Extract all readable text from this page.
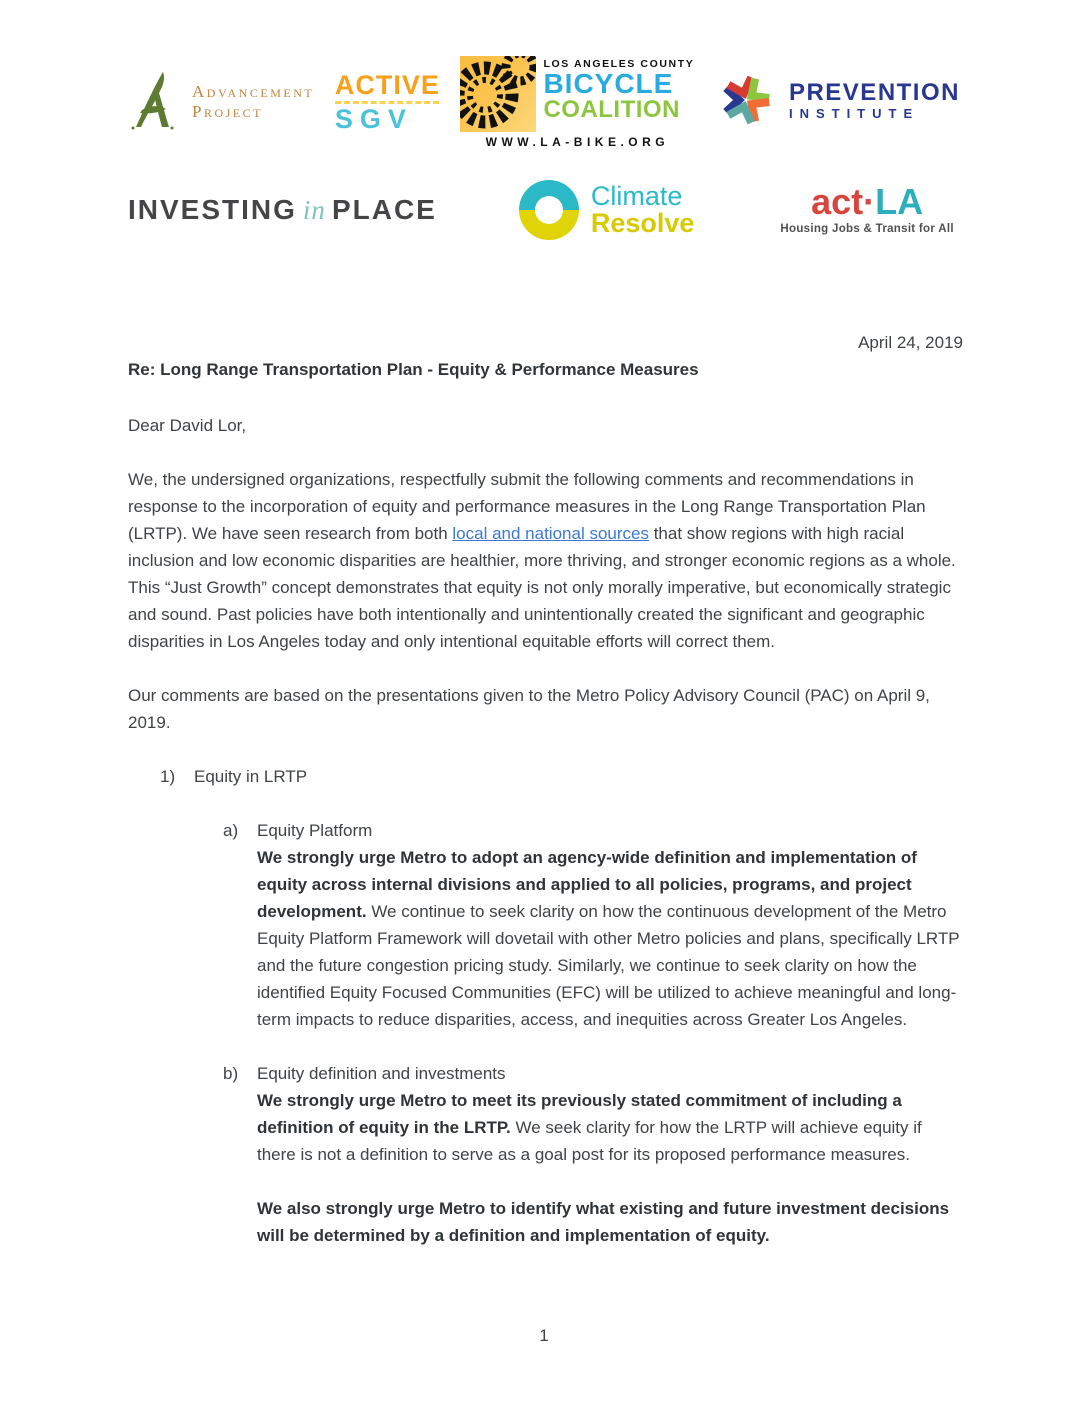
Advancement
Project
ACTIVE
SGV
LOS ANGELES COUNTY
BICYCLE
COALITION
WWW.LA-BIKE.ORG
PREVENTION
INSTITUTE
INVESTING in PLACE	Climate
Resolve
act·LA
Housing Jobs & Transit for All
April 24, 2019
Re: Long Range Transportation Plan - Equity & Performance Measures
Dear David Lor,

We, the undersigned organizations, respectfully submit the following comments and recommendations in response to the incorporation of equity and performance measures in the Long Range Transportation Plan (LRTP). We have seen research from both local and national sources that show regions with high racial inclusion and low economic disparities are healthier, more thriving, and stronger economic regions as a whole. This “Just Growth” concept demonstrates that equity is not only morally imperative, but economically strategic and sound. Past policies have both intentionally and unintentionally created the significant and geographic disparities in Los Angeles today and only intentional equitable efforts will correct them.

Our comments are based on the presentations given to the Metro Policy Advisory Council (PAC) on April 9, 2019.

1)	Equity in LRTP
a)	Equity Platform

We strongly urge Metro to adopt an agency-wide definition and implementation of equity across internal divisions and applied to all policies, programs, and project development. We continue to seek clarity on how the continuous development of the Metro Equity Platform Framework will dovetail with other Metro policies and plans, specifically LRTP and the future congestion pricing study. Similarly, we continue to seek clarity on how the identified Equity Focused Communities (EFC) will be utilized to achieve meaningful and long-term impacts to reduce disparities, access, and inequities across Greater Los Angeles.

b)	Equity definition and investments

We strongly urge Metro to meet its previously stated commitment of including a definition of equity in the LRTP. We seek clarity for how the LRTP will achieve equity if there is not a definition to serve as a goal post for its proposed performance measures.

We also strongly urge Metro to identify what existing and future investment decisions will be determined by a definition and implementation of equity.

1
